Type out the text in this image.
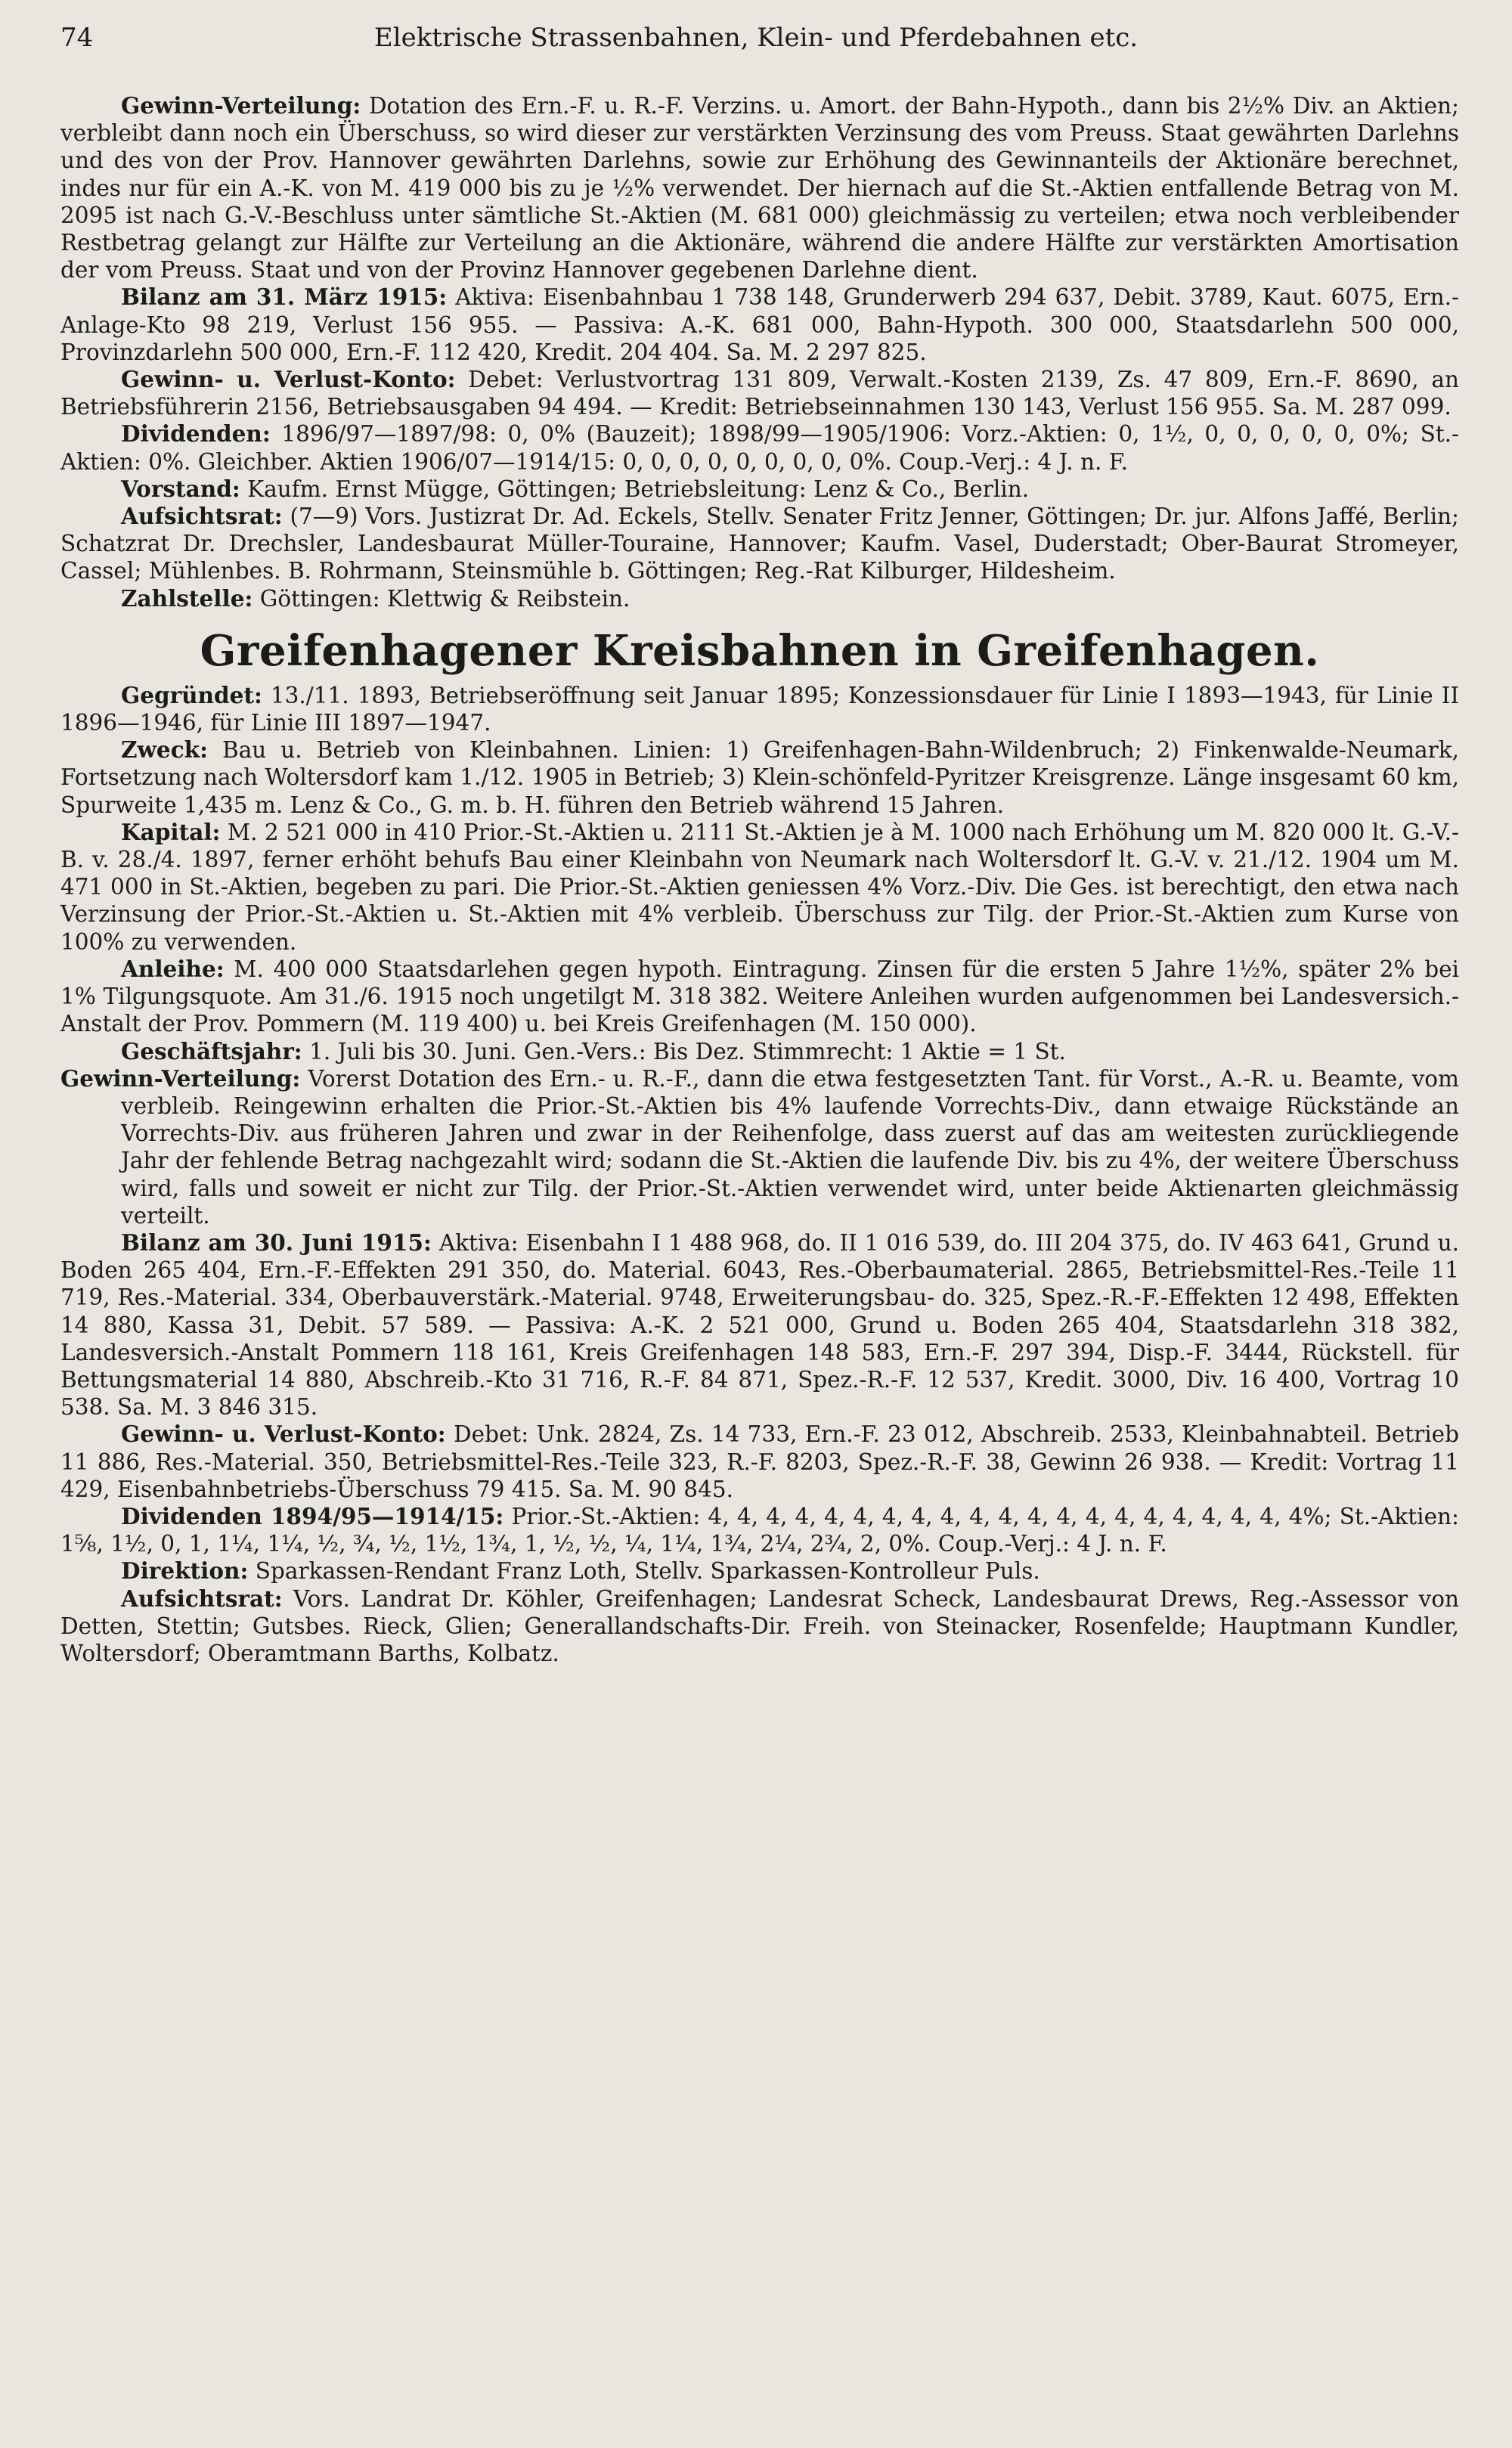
74	Elektrische Strassenbahnen, Klein- und Pferdebahnen etc.

Gewinn-Verteilung: Dotation des Ern.-F. u. R.-F. Verzins. u. Amort. der Bahn-Hypoth., dann bis 2½% Div. an Aktien; verbleibt dann noch ein Überschuss, so wird dieser zur verstärkten Verzinsung des vom Preuss. Staat gewährten Darlehns und des von der Prov. Hannover gewährten Darlehns, sowie zur Erhöhung des Gewinnanteils der Aktionäre berechnet, indes nur für ein A.-K. von M. 419 000 bis zu je ½% verwendet. Der hiernach auf die St.-Aktien entfallende Betrag von M. 2095 ist nach G.-V.-Beschluss unter sämtliche St.-Aktien (M. 681 000) gleichmässig zu verteilen; etwa noch verbleibender Restbetrag gelangt zur Hälfte zur Verteilung an die Aktionäre, während die andere Hälfte zur verstärkten Amortisation der vom Preuss. Staat und von der Provinz Hannover gegebenen Darlehne dient.

Bilanz am 31. März 1915: Aktiva: Eisenbahnbau 1 738 148, Grunderwerb 294 637, Debit. 3789, Kaut. 6075, Ern.-Anlage-Kto 98 219, Verlust 156 955. — Passiva: A.-K. 681 000, Bahn-Hypoth. 300 000, Staatsdarlehn 500 000, Provinzdarlehn 500 000, Ern.-F. 112 420, Kredit. 204 404. Sa. M. 2 297 825.

Gewinn- u. Verlust-Konto: Debet: Verlustvortrag 131 809, Verwalt.-Kosten 2139, Zs. 47 809, Ern.-F. 8690, an Betriebsführerin 2156, Betriebsausgaben 94 494. — Kredit: Betriebseinnahmen 130 143, Verlust 156 955. Sa. M. 287 099.

Dividenden: 1896/97—1897/98: 0, 0% (Bauzeit); 1898/99—1905/1906: Vorz.-Aktien: 0, 1½, 0, 0, 0, 0, 0, 0%; St.-Aktien: 0%. Gleichber. Aktien 1906/07—1914/15: 0, 0, 0, 0, 0, 0, 0, 0, 0%. Coup.-Verj.: 4 J. n. F.

Vorstand: Kaufm. Ernst Mügge, Göttingen; Betriebsleitung: Lenz & Co., Berlin.

Aufsichtsrat: (7—9) Vors. Justizrat Dr. Ad. Eckels, Stellv. Senater Fritz Jenner, Göttingen; Dr. jur. Alfons Jaffé, Berlin; Schatzrat Dr. Drechsler, Landesbaurat Müller-Touraine, Hannover; Kaufm. Vasel, Duderstadt; Ober-Baurat Stromeyer, Cassel; Mühlenbes. B. Rohrmann, Steinsmühle b. Göttingen; Reg.-Rat Kilburger, Hildesheim.

Zahlstelle: Göttingen: Klettwig & Reibstein.

Greifenhagener Kreisbahnen in Greifenhagen.

Gegründet: 13./11. 1893, Betriebseröffnung seit Januar 1895; Konzessionsdauer für Linie I 1893—1943, für Linie II 1896—1946, für Linie III 1897—1947.

Zweck: Bau u. Betrieb von Kleinbahnen. Linien: 1) Greifenhagen-Bahn-Wildenbruch; 2) Finkenwalde-Neumark, Fortsetzung nach Woltersdorf kam 1./12. 1905 in Betrieb; 3) Klein-schönfeld-Pyritzer Kreisgrenze. Länge insgesamt 60 km, Spurweite 1,435 m. Lenz & Co., G. m. b. H. führen den Betrieb während 15 Jahren.

Kapital: M. 2 521 000 in 410 Prior.-St.-Aktien u. 2111 St.-Aktien je à M. 1000 nach Erhöhung um M. 820 000 lt. G.-V.-B. v. 28./4. 1897, ferner erhöht behufs Bau einer Kleinbahn von Neumark nach Woltersdorf lt. G.-V. v. 21./12. 1904 um M. 471 000 in St.-Aktien, begeben zu pari. Die Prior.-St.-Aktien geniessen 4% Vorz.-Div. Die Ges. ist berechtigt, den etwa nach Verzinsung der Prior.-St.-Aktien u. St.-Aktien mit 4% verbleib. Überschuss zur Tilg. der Prior.-St.-Aktien zum Kurse von 100% zu verwenden.

Anleihe: M. 400 000 Staatsdarlehen gegen hypoth. Eintragung. Zinsen für die ersten 5 Jahre 1½%, später 2% bei 1% Tilgungsquote. Am 31./6. 1915 noch ungetilgt M. 318 382. Weitere Anleihen wurden aufgenommen bei Landesversich.-Anstalt der Prov. Pommern (M. 119 400) u. bei Kreis Greifenhagen (M. 150 000).

Geschäftsjahr: 1. Juli bis 30. Juni. Gen.-Vers.: Bis Dez. Stimmrecht: 1 Aktie = 1 St.

Gewinn-Verteilung: Vorerst Dotation des Ern.- u. R.-F., dann die etwa festgesetzten Tant. für Vorst., A.-R. u. Beamte, vom verbleib. Reingewinn erhalten die Prior.-St.-Aktien bis 4% laufende Vorrechts-Div., dann etwaige Rückstände an Vorrechts-Div. aus früheren Jahren und zwar in der Reihenfolge, dass zuerst auf das am weitesten zurückliegende Jahr der fehlende Betrag nachgezahlt wird; sodann die St.-Aktien die laufende Div. bis zu 4%, der weitere Überschuss wird, falls und soweit er nicht zur Tilg. der Prior.-St.-Aktien verwendet wird, unter beide Aktienarten gleichmässig verteilt.

Bilanz am 30. Juni 1915: Aktiva: Eisenbahn I 1 488 968, do. II 1 016 539, do. III 204 375, do. IV 463 641, Grund u. Boden 265 404, Ern.-F.-Effekten 291 350, do. Material. 6043, Res.-Oberbaumaterial. 2865, Betriebsmittel-Res.-Teile 11 719, Res.-Material. 334, Oberbauverstärk.-Material. 9748, Erweiterungsbau- do. 325, Spez.-R.-F.-Effekten 12 498, Effekten 14 880, Kassa 31, Debit. 57 589. — Passiva: A.-K. 2 521 000, Grund u. Boden 265 404, Staatsdarlehn 318 382, Landesversich.-Anstalt Pommern 118 161, Kreis Greifenhagen 148 583, Ern.-F. 297 394, Disp.-F. 3444, Rückstell. für Bettungsmaterial 14 880, Abschreib.-Kto 31 716, R.-F. 84 871, Spez.-R.-F. 12 537, Kredit. 3000, Div. 16 400, Vortrag 10 538. Sa. M. 3 846 315.

Gewinn- u. Verlust-Konto: Debet: Unk. 2824, Zs. 14 733, Ern.-F. 23 012, Abschreib. 2533, Kleinbahnabteil. Betrieb 11 886, Res.-Material. 350, Betriebsmittel-Res.-Teile 323, R.-F. 8203, Spez.-R.-F. 38, Gewinn 26 938. — Kredit: Vortrag 11 429, Eisenbahnbetriebs-Überschuss 79 415. Sa. M. 90 845.

Dividenden 1894/95—1914/15: Prior.-St.-Aktien: 4, 4, 4, 4, 4, 4, 4, 4, 4, 4, 4, 4, 4, 4, 4, 4, 4, 4, 4, 4, 4%; St.-Aktien: 1⅝, 1½, 0, 1, 1¼, 1¼, ½, ¾, ½, 1½, 1¾, 1, ½, ½, ¼, 1¼, 1¾, 2¼, 2¾, 2, 0%. Coup.-Verj.: 4 J. n. F.

Direktion: Sparkassen-Rendant Franz Loth, Stellv. Sparkassen-Kontrolleur Puls.

Aufsichtsrat: Vors. Landrat Dr. Köhler, Greifenhagen; Landesrat Scheck, Landesbaurat Drews, Reg.-Assessor von Detten, Stettin; Gutsbes. Rieck, Glien; Generallandschafts-Dir. Freih. von Steinacker, Rosenfelde; Hauptmann Kundler, Woltersdorf; Oberamtmann Barths, Kolbatz.
